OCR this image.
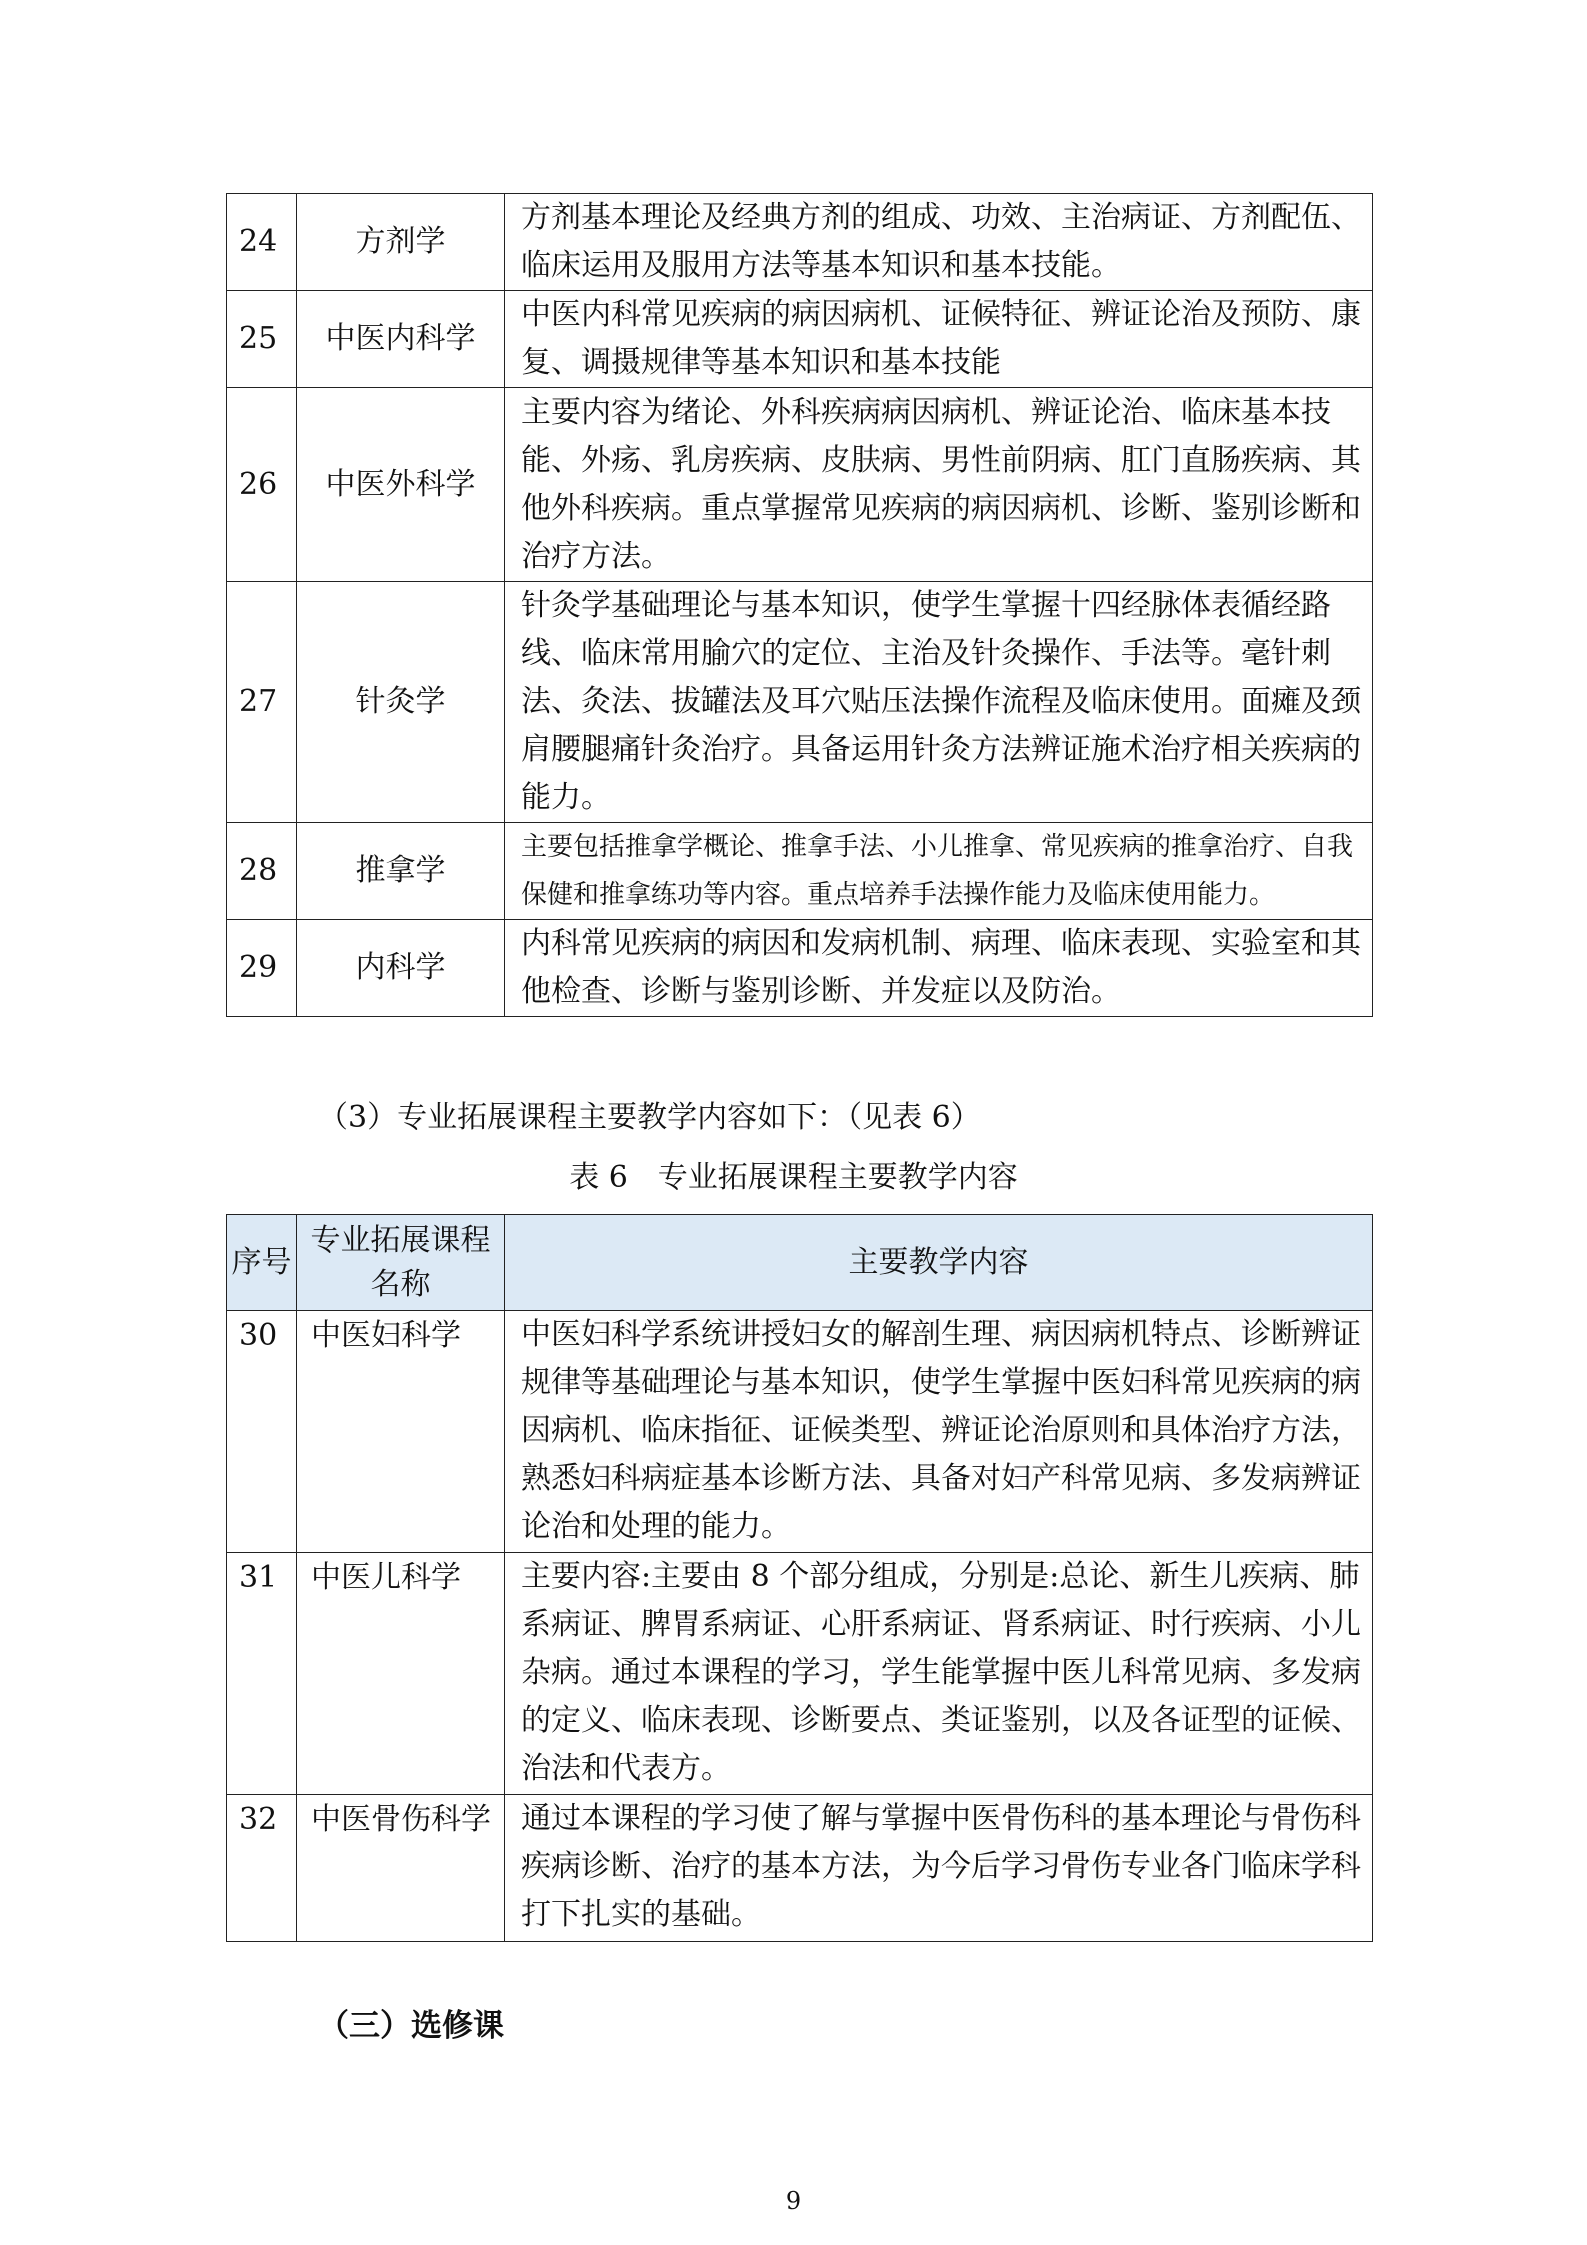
24	方剂学	方剂基本理论及经典方剂的组成、功效、主治病证、方剂配伍、临床运用及服用方法等基本知识和基本技能。
25	中医内科学	中医内科常见疾病的病因病机、证候特征、辨证论治及预防、康复、调摄规律等基本知识和基本技能
26	中医外科学	主要内容为绪论、外科疾病病因病机、辨证论治、临床基本技能、外疡、乳房疾病、皮肤病、男性前阴病、肛门直肠疾病、其他外科疾病。重点掌握常见疾病的病因病机、诊断、鉴别诊断和治疗方法。
27	针灸学	针灸学基础理论与基本知识，使学生掌握十四经脉体表循经路线、临床常用腧穴的定位、主治及针灸操作、手法等。毫针刺法、灸法、拔罐法及耳穴贴压法操作流程及临床使用。面瘫及颈肩腰腿痛针灸治疗。具备运用针灸方法辨证施术治疗相关疾病的能力。
28	推拿学	主要包括推拿学概论、推拿手法、小儿推拿、常见疾病的推拿治疗、自我保健和推拿练功等内容。重点培养手法操作能力及临床使用能力。
29	内科学	内科常见疾病的病因和发病机制、病理、临床表现、实验室和其他检查、诊断与鉴别诊断、并发症以及防治。
（3）专业拓展课程主要教学内容如下：（见表 6）
表 6　专业拓展课程主要教学内容
序号	专业拓展课程名称	主要教学内容
30	中医妇科学	中医妇科学系统讲授妇女的解剖生理、病因病机特点、诊断辨证规律等基础理论与基本知识，使学生掌握中医妇科常见疾病的病因病机、临床指征、证候类型、辨证论治原则和具体治疗方法，熟悉妇科病症基本诊断方法、具备对妇产科常见病、多发病辨证论治和处理的能力。
31	中医儿科学	主要内容:主要由 8 个部分组成，分别是:总论、新生儿疾病、肺系病证、脾胃系病证、心肝系病证、肾系病证、时行疾病、小儿杂病。通过本课程的学习，学生能掌握中医儿科常见病、多发病的定义、临床表现、诊断要点、类证鉴别，以及各证型的证候、治法和代表方。
32	中医骨伤科学	通过本课程的学习使了解与掌握中医骨伤科的基本理论与骨伤科疾病诊断、治疗的基本方法，为今后学习骨伤专业各门临床学科打下扎实的基础。
（三）选修课
9
